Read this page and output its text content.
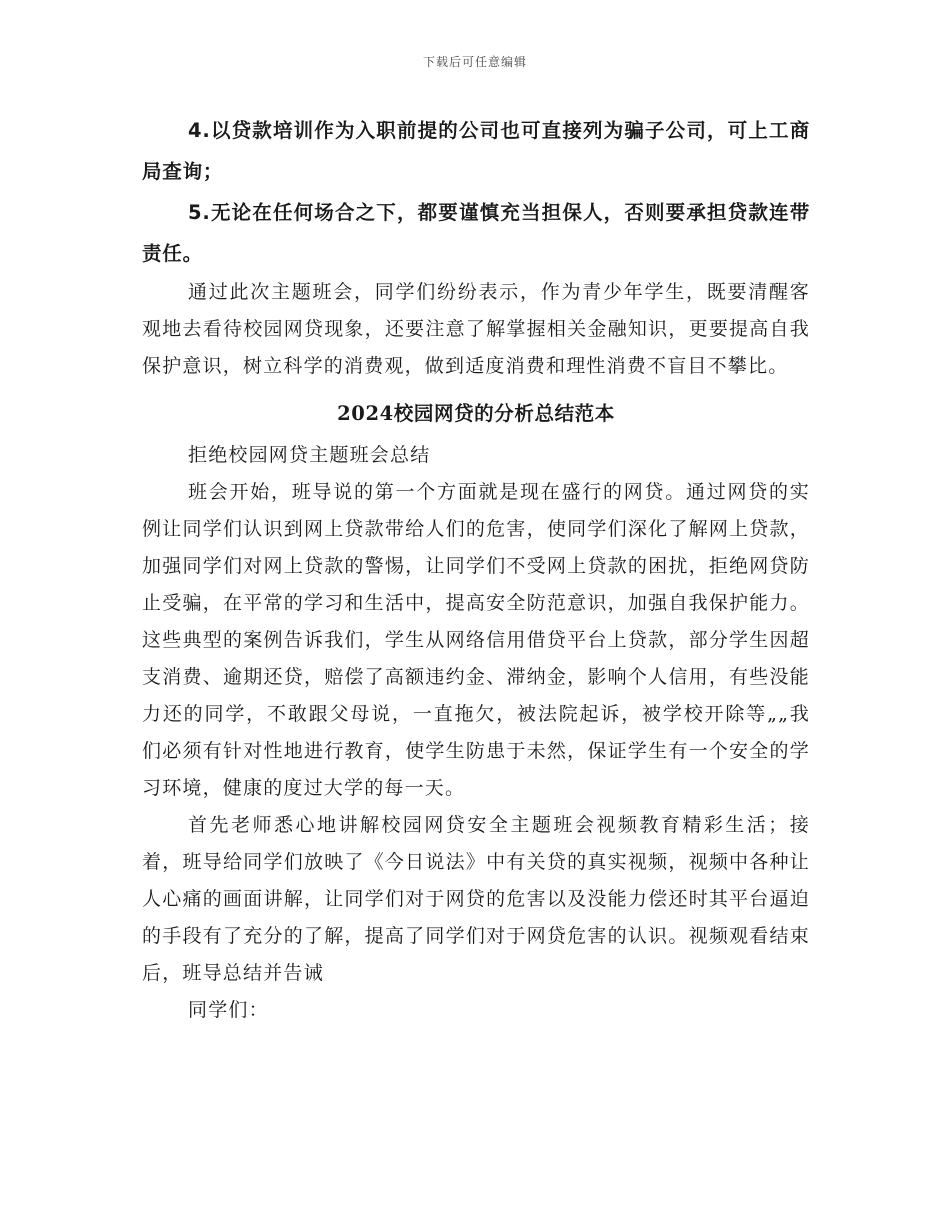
下载后可任意编辑

4.以贷款培训作为入职前提的公司也可直接列为骗子公司，可上工商局查询；

5.无论在任何场合之下，都要谨慎充当担保人，否则要承担贷款连带责任。

通过此次主题班会，同学们纷纷表示，作为青少年学生，既要清醒客观地去看待校园网贷现象，还要注意了解掌握相关金融知识，更要提高自我保护意识，树立科学的消费观，做到适度消费和理性消费不盲目不攀比。

2024校园网贷的分析总结范本

拒绝校园网贷主题班会总结

班会开始，班导说的第一个方面就是现在盛行的网贷。通过网贷的实例让同学们认识到网上贷款带给人们的危害，使同学们深化了解网上贷款，加强同学们对网上贷款的警惕，让同学们不受网上贷款的困扰，拒绝网贷防止受骗，在平常的学习和生活中，提高安全防范意识，加强自我保护能力。这些典型的案例告诉我们，学生从网络信用借贷平台上贷款，部分学生因超支消费、逾期还贷，赔偿了高额违约金、滞纳金，影响个人信用，有些没能力还的同学，不敢跟父母说，一直拖欠，被法院起诉，被学校开除等„„我们必须有针对性地进行教育，使学生防患于未然，保证学生有一个安全的学习环境，健康的度过大学的每一天。

首先老师悉心地讲解校园网贷安全主题班会视频教育精彩生活；接着，班导给同学们放映了《今日说法》中有关贷的真实视频，视频中各种让人心痛的画面讲解，让同学们对于网贷的危害以及没能力偿还时其平台逼迫的手段有了充分的了解，提高了同学们对于网贷危害的认识。视频观看结束后，班导总结并告诫

同学们：
